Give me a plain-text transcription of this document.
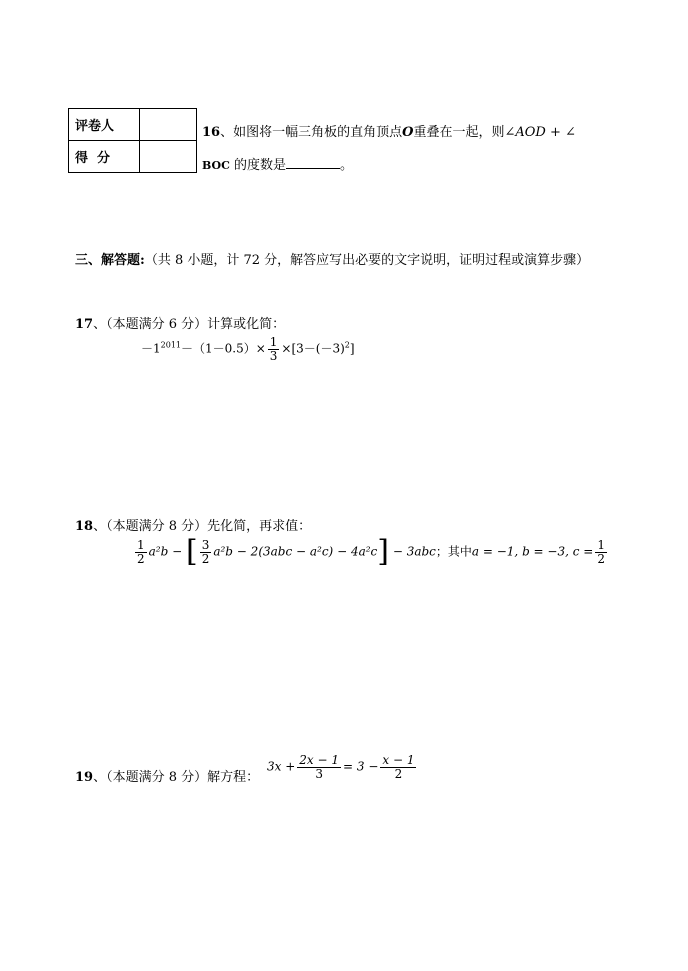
评卷人	
得  分	
16、如图将一幅三角板的直角顶点O重叠在一起，则∠AOD + ∠
BOC 的度数是	。
三、解答题:（共 8 小题，计 72 分，解答应写出必要的文字说明，证明过程或演算步骤）
17、（本题满分 6 分）计算或化简：
$-1^{2011}-(1-0.5)\times \frac{1}{3} \times[3-(-3)^2]$
18、（本题满分 8 分）先化简，再求值：
$\frac{1}{2} a^2b$ − [ $\frac{3}{2} a^2b - 2(3abc - a^2c) - 4a^2c] - 3abc$；其中a = −1, b = −3, $c = \frac{1}{2}$
19、（本题满分 8 分）解方程：
$3x + \frac{2x - 1}{3} = 3 - \frac{x - 1}{2}$
